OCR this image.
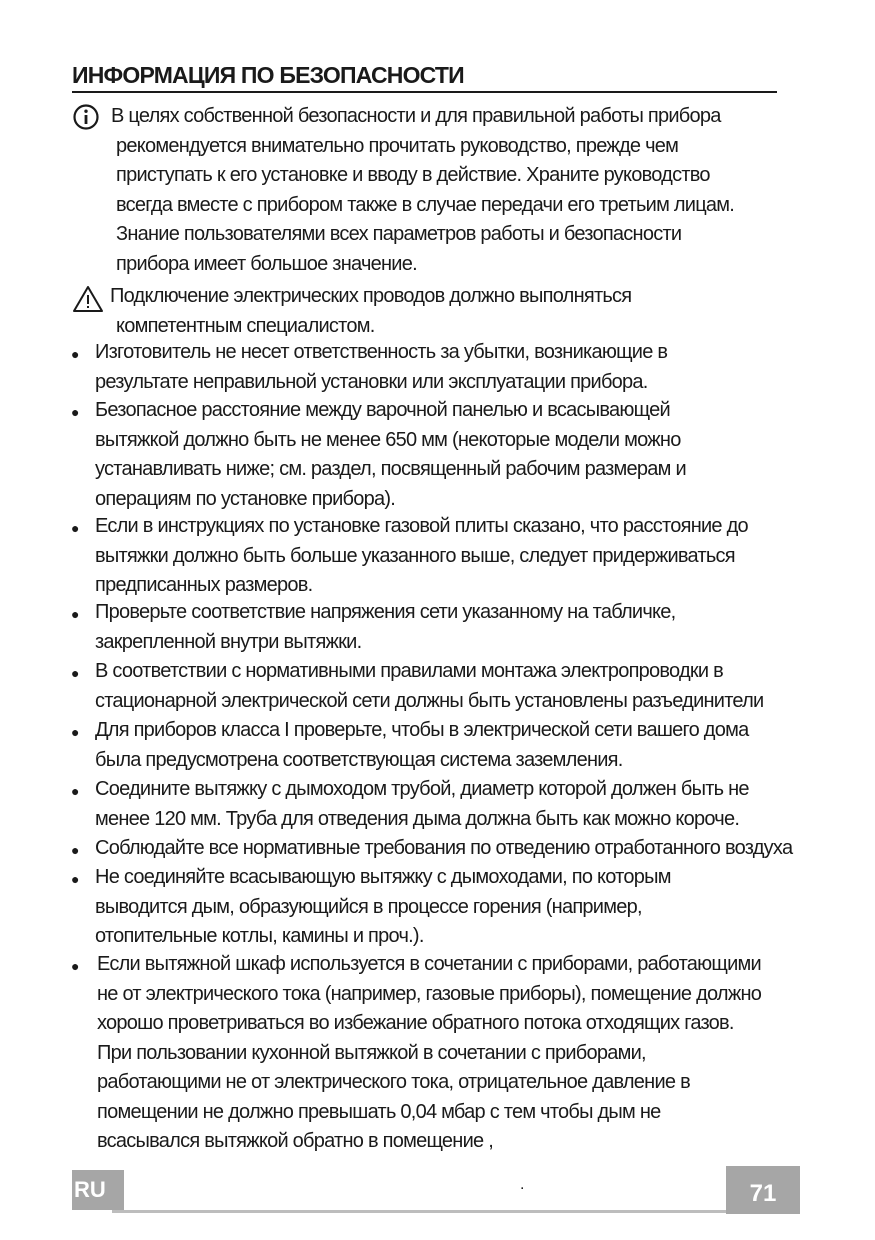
ИНФОРМАЦИЯ ПО БЕЗОПАСНОСТИ
В целях собственной безопасности и для правильной работы прибора
рекомендуется внимательно прочитать руководство, прежде чем
приступать к его установке и вводу в действие. Храните руководство
всегда вместе с прибором также в случае передачи его третьим лицам.
Знание пользователями всех параметров работы и безопасности
прибора имеет большое значение.
Подключение электрических проводов должно выполняться
компетентным специалистом.
● Изготовитель не несет ответственность за убытки, возникающие в
результате неправильной установки или эксплуатации прибора.
● Безопасное расстояние между варочной панелью и всасывающей
вытяжкой должно быть не менее 650 мм (некоторые модели можно
устанавливать ниже; см. раздел, посвященный рабочим размерам и
операциям по установке прибора).
● Если в инструкциях по установке газовой плиты сказано, что расстояние до
вытяжки должно быть больше указанного выше, следует придерживаться
предписанных размеров.
● Проверьте соответствие напряжения сети указанному на табличке,
закрепленной внутри вытяжки.
● В соответствии с нормативными правилами монтажа электропроводки в
стационарной электрической сети должны быть установлены разъединители
● Для приборов класса I проверьте, чтобы в электрической сети вашего дома
была предусмотрена соответствующая система заземления.
● Соедините вытяжку с дымоходом трубой, диаметр которой должен быть не
менее 120 мм. Труба для отведения дыма должна быть как можно короче.
● Соблюдайте все нормативные требования по отведению отработанного воздуха
● Не соединяйте всасывающую вытяжку с дымоходами, по которым
выводится дым, образующийся в процессе горения (например,
отопительные котлы, камины и проч.).
● Если вытяжной шкаф используется в сочетании с приборами, работающими
не от электрического тока (например, газовые приборы), помещение должно
хорошо проветриваться во избежание обратного потока отходящих газов.
При пользовании кухонной вытяжкой в сочетании с приборами,
работающими не от электрического тока, отрицательное давление в
помещении не должно превышать 0,04 мбар с тем чтобы дым не
всасывался вытяжкой обратно в помещение ,
RU	.	71
